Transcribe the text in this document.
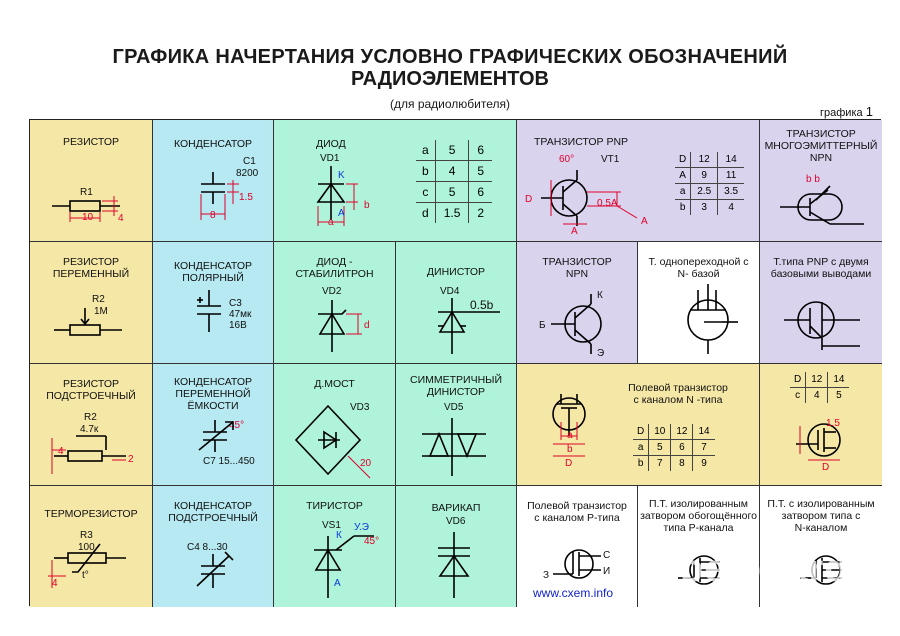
ГРАФИКА НАЧЕРТАНИЯ УСЛОВНО ГРАФИЧЕСКИХ ОБОЗНАЧЕНИЙ
РАДИОЭЛЕМЕНТОВ
(для радиолюбителя)
графика 1
РЕЗИСТОР
R1
10 4
КОНДЕНСАТОР
C1
8200
8
1.5
ДИОД
VD1
K
A
a
b
a	5	6
b	4	5
c	5	6
d	1.5	2
ТРАНЗИСТОР PNP
VT1
60°
D
A
0.5A
A
D	12	14
A	9	11
a	2.5	3.5
b	3	4
ТРАНЗИСТОР
МНОГОЭМИТТЕРНЫЙ
NPN
b b
РЕЗИСТОР
ПЕРЕМЕННЫЙ
R2
1M
КОНДЕНСАТОР
ПОЛЯРНЫЙ
C3
47мк
16В
ДИОД -
СТАБИЛИТРОН
VD2
d
ДИНИСТОР
VD4
0.5b
ТРАНЗИСТОР
NPN
К
Б
Э
Т. однопереходной с
N- базой
Т.типа PNP с двумя
базовыми выводами
РЕЗИСТОР
ПОДСТРОЕЧНЫЙ
R2
4.7к
4
2
КОНДЕНСАТОР
ПЕРЕМЕННОЙ
ЁМКОСТИ
45°
C7 15...450
Д.МОСТ
VD3
20
СИММЕТРИЧНЫЙ
ДИНИСТОР
VD5
Полевой транзистор
с каналом N -типа
a
b
D
D	10	12	14
a	5	6	7
b	7	8	9
D	12	14
c	4	5
1.5
D
ТЕРМОРЕЗИСТОР
R3
100
t°
4
КОНДЕНСАТОР
ПОДСТРОЕЧНЫЙ
C4 8...30
ТИРИСТОР
VS1
К
А
У.Э
45°
ВАРИКАП
VD6
Полевой транзистор
с каналом Р-типа
С
И
З
П.Т. изолированным
затвором обогощённого
типа Р-канала
П.Т. с изолированным
затвором типа с
N-каналом
www.cxem.info
be board
